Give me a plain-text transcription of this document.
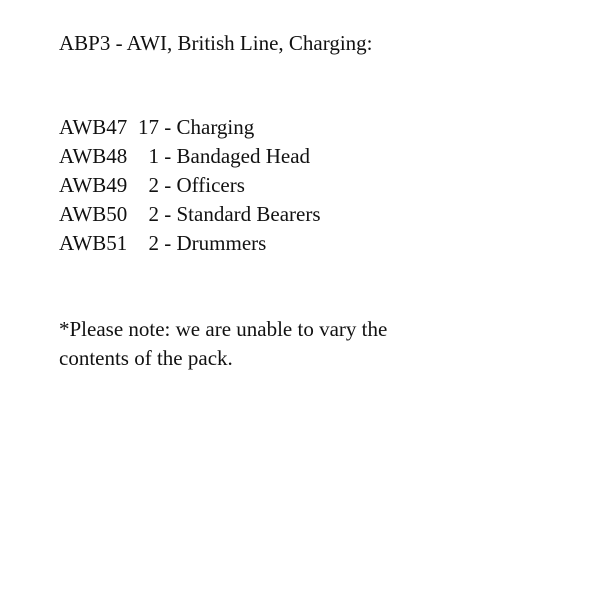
ABP3 - AWI, British Line, Charging:
AWB47 17 - Charging
AWB48 1 - Bandaged Head
AWB49 2 - Officers
AWB50 2 - Standard Bearers
AWB51 2 - Drummers
*Please note: we are unable to vary the
contents of the pack.
